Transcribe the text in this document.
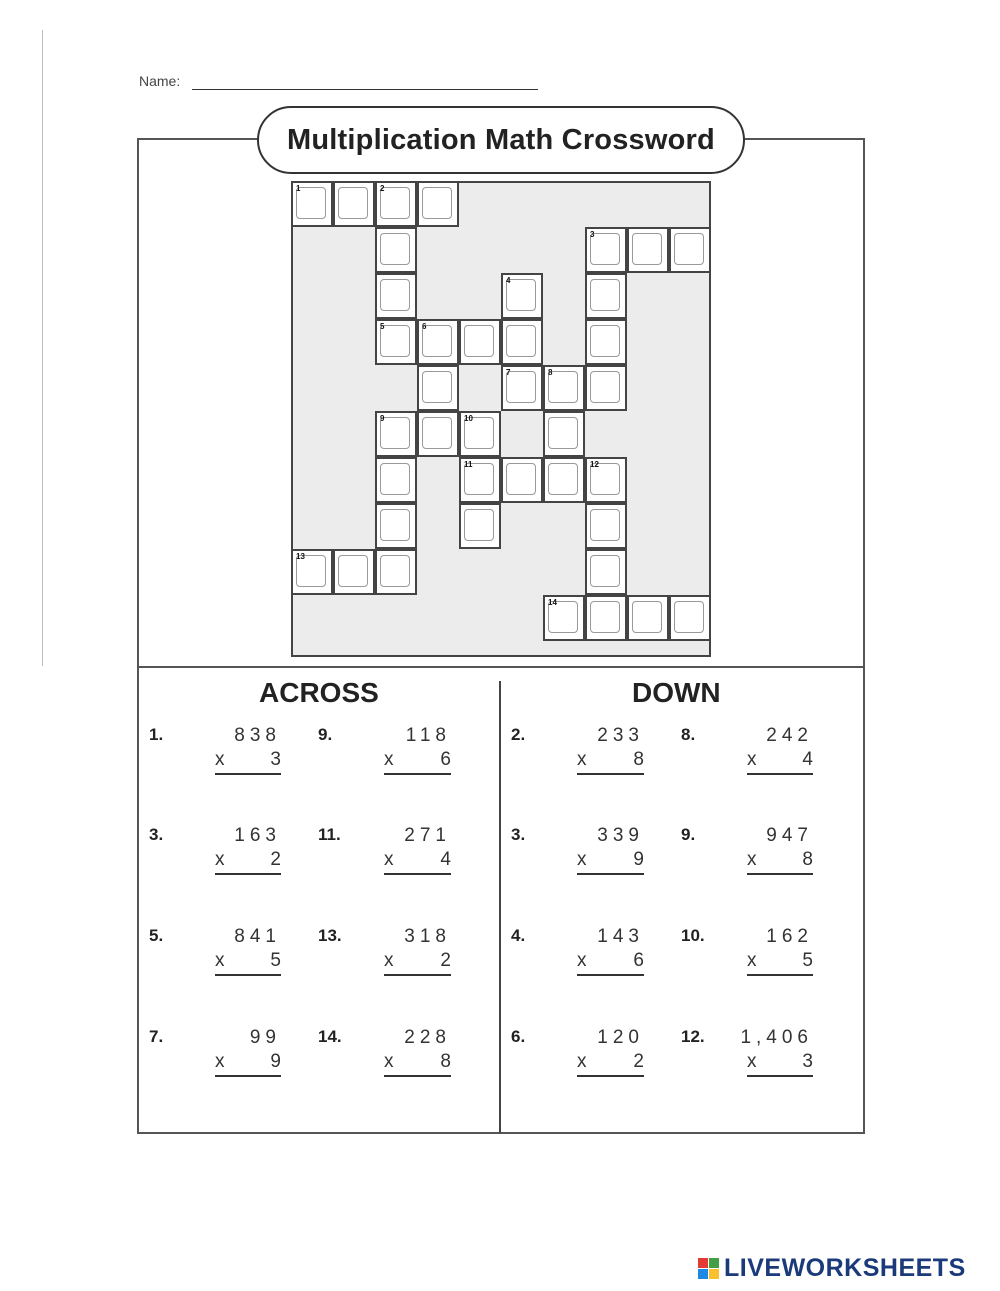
Name:
Multiplication Math Crossword
1	2
3
4
5	6
7	8
9	10
11	12
13
14
ACROSS	DOWN
1.	838
x 3
3.	163
x 2
5.	841
x 5
7.	99
x 9
9.	118
x 6
11.	271
x 4
13.	318
x 2
14.	228
x 8
2.	233
x 8
3.	339
x 9
4.	143
x 6
6.	120
x 2
8.	242
x 4
9.	947
x 8
10.	162
x 5
12. 1,406
x 3
LIVEWORKSHEETS
